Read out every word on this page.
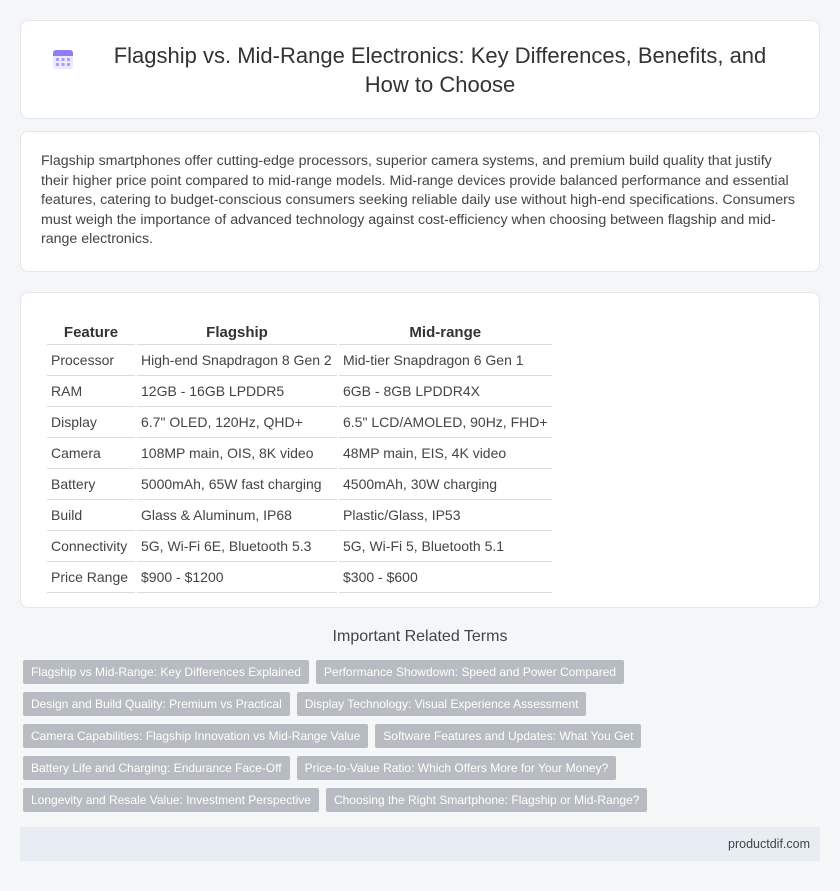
Flagship vs. Mid-Range Electronics: Key Differences, Benefits, and How to Choose

Flagship smartphones offer cutting-edge processors, superior camera systems, and premium build quality that justify their higher price point compared to mid-range models. Mid-range devices provide balanced performance and essential features, catering to budget-conscious consumers seeking reliable daily use without high-end specifications. Consumers must weigh the importance of advanced technology against cost-efficiency when choosing between flagship and mid-range electronics.

Feature	Flagship	Mid-range
Processor	High-end Snapdragon 8 Gen 2	Mid-tier Snapdragon 6 Gen 1
RAM	12GB - 16GB LPDDR5	6GB - 8GB LPDDR4X
Display	6.7" OLED, 120Hz, QHD+	6.5" LCD/AMOLED, 90Hz, FHD+
Camera	108MP main, OIS, 8K video	48MP main, EIS, 4K video
Battery	5000mAh, 65W fast charging	4500mAh, 30W charging
Build	Glass & Aluminum, IP68	Plastic/Glass, IP53
Connectivity	5G, Wi-Fi 6E, Bluetooth 5.3	5G, Wi-Fi 5, Bluetooth 5.1
Price Range	$900 - $1200	$300 - $600
Important Related Terms
Flagship vs Mid-Range: Key Differences Explained	Performance Showdown: Speed and Power Compared
Design and Build Quality: Premium vs Practical	Display Technology: Visual Experience Assessment
Camera Capabilities: Flagship Innovation vs Mid-Range Value	Software Features and Updates: What You Get
Battery Life and Charging: Endurance Face-Off	Price-to-Value Ratio: Which Offers More for Your Money?
Longevity and Resale Value: Investment Perspective	Choosing the Right Smartphone: Flagship or Mid-Range?
productdif.com
